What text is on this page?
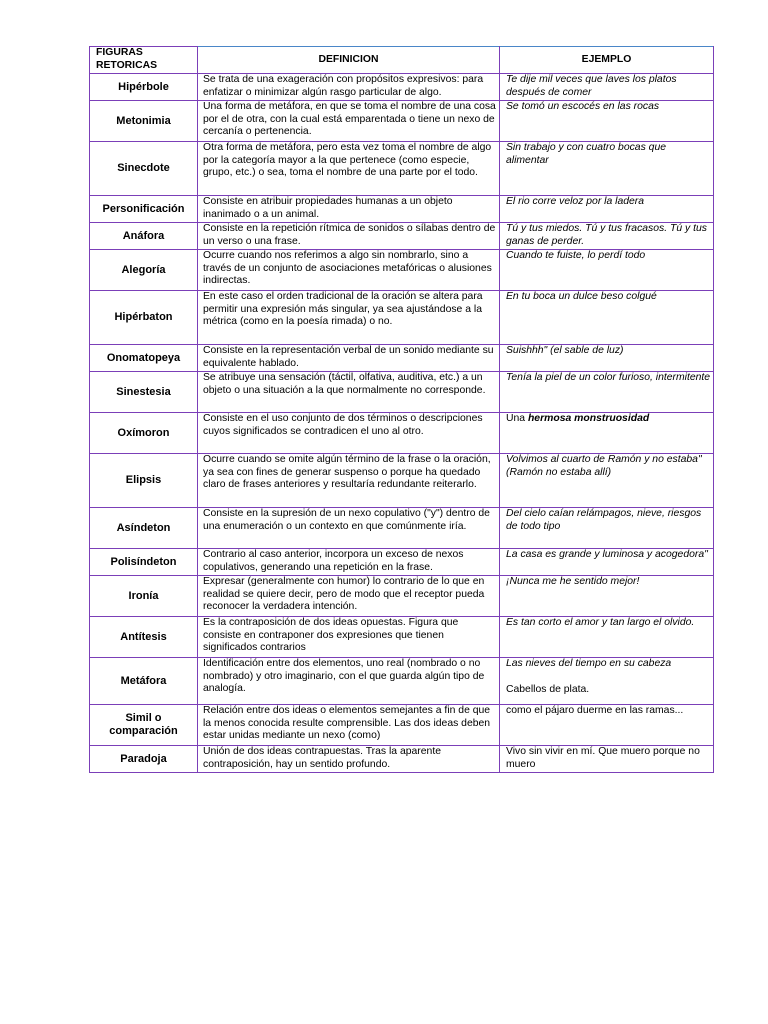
FIGURAS RETORICAS	DEFINICION	EJEMPLO
Hipérbole	Se trata de una exageración con propósitos expresivos: para enfatizar o minimizar algún rasgo particular de algo.	Te dije mil veces que laves los platos después de comer
Metonimia	Una forma de metáfora, en que se toma el nombre de una cosa por el de otra, con la cual está emparentada o tiene un nexo de cercanía o pertenencia.	Se tomó un escocés en las rocas
Sinecdote	Otra forma de metáfora, pero esta vez toma el nombre de algo por la categoría mayor a la que pertenece (como especie, grupo, etc.) o sea, toma el nombre de una parte por el todo.	Sin trabajo y con cuatro bocas que alimentar
Personificación	Consiste en atribuir propiedades humanas a un objeto inanimado o a un animal.	El rio corre veloz por la ladera
Anáfora	Consiste en la repetición rítmica de sonidos o sílabas dentro de un verso o una frase.	Tú y tus miedos. Tú y tus fracasos. Tú y tus ganas de perder.
Alegoría	Ocurre cuando nos referimos a algo sin nombrarlo, sino a través de un conjunto de asociaciones metafóricas o alusiones indirectas.	Cuando te fuiste, lo perdí todo
Hipérbaton	En este caso el orden tradicional de la oración se altera para permitir una expresión más singular, ya sea ajustándose a la métrica (como en la poesía rimada) o no.	En tu boca un dulce beso colgué
Onomatopeya	Consiste en la representación verbal de un sonido mediante su equivalente hablado.	Suishhh" (el sable de luz)
Sinestesia	Se atribuye una sensación (táctil, olfativa, auditiva, etc.) a un objeto o una situación a la que normalmente no corresponde.	Tenía la piel de un color furioso, intermitente
Oxímoron	Consiste en el uso conjunto de dos términos o descripciones cuyos significados se contradicen el uno al otro.	Una hermosa monstruosidad
Elipsis	Ocurre cuando se omite algún término de la frase o la oración, ya sea con fines de generar suspenso o porque ha quedado claro de frases anteriores y resultaría redundante reiterarlo.	Volvimos al cuarto de Ramón y no estaba" (Ramón no estaba allí)
Asíndeton	Consiste en la supresión de un nexo copulativo ("y") dentro de una enumeración o un contexto en que comúnmente iría.	Del cielo caían relámpagos, nieve, riesgos de todo tipo
Polisíndeton	Contrario al caso anterior, incorpora un exceso de nexos copulativos, generando una repetición en la frase.	La casa es grande y luminosa y acogedora"
Ironía	Expresar (generalmente con humor) lo contrario de lo que en realidad se quiere decir, pero de modo que el receptor pueda reconocer la verdadera intención.	¡Nunca me he sentido mejor!
Antítesis	Es la contraposición de dos ideas opuestas. Figura que consiste en contraponer dos expresiones que tienen significados contrarios	Es tan corto el amor y tan largo el olvido.
Metáfora	Identificación entre dos elementos, uno real (nombrado o no nombrado) y otro imaginario, con el que guarda algún tipo de analogía.	Las nieves del tiempo en su cabeza
Cabellos de plata.

Simil o comparación	Relación entre dos ideas o elementos semejantes a fin de que la menos conocida resulte comprensible. Las dos ideas deben estar unidas mediante un nexo (como)	como el pájaro duerme en las ramas...
Paradoja	Unión de dos ideas contrapuestas. Tras la aparente contraposición, hay un sentido profundo.	Vivo sin vivir en mí. Que muero porque no muero
